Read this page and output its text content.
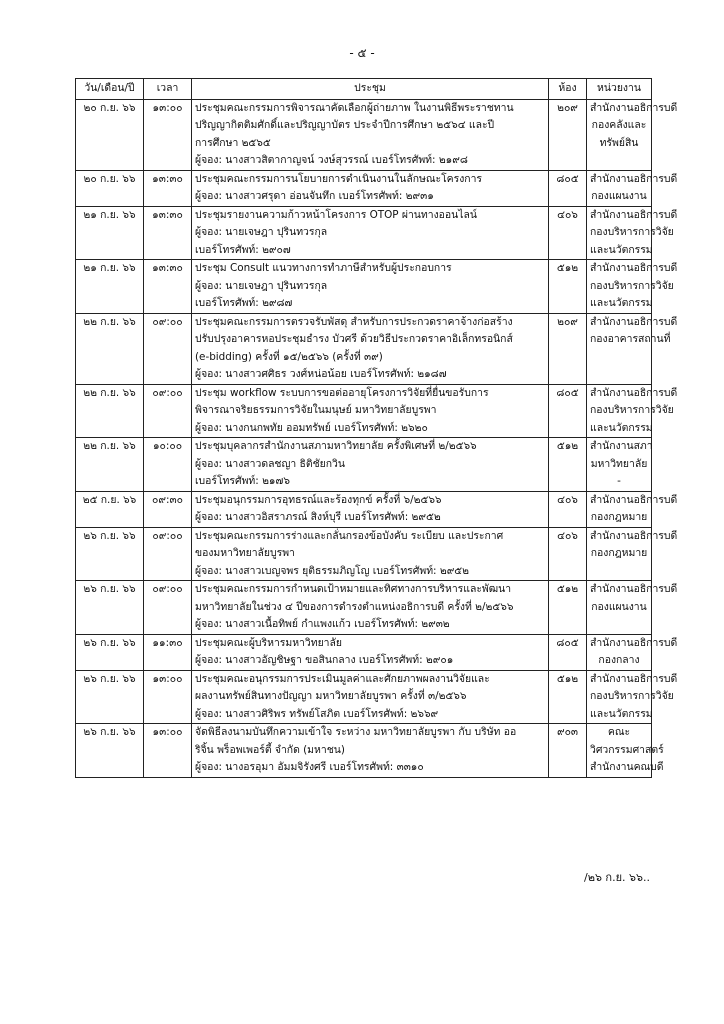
- ๕ -
วัน/เดือน/ปี	เวลา	ประชุม	ห้อง	หน่วยงาน
๒๐ ก.ย. ๖๖	๑๓:๐๐	ประชุมคณะกรรมการพิจารณาคัดเลือกผู้ถ่ายภาพ ในงานพิธีพระราชทาน
ปริญญากิตติมศักดิ์และปริญญาบัตร ประจำปีการศึกษา ๒๕๖๔ และปี
การศึกษา ๒๕๖๕
ผู้จอง: นางสาวสิตากาญจน์ วงษ์สุวรรณ์ เบอร์โทรศัพท์: ๒๑๙๘	๒๐๙	สำนักงานอธิการบดี
กองคลังและ
ทรัพย์สิน

๒๐ ก.ย. ๖๖	๑๓:๓๐	ประชุมคณะกรรมการนโยบายการดำเนินงานในลักษณะโครงการ
ผู้จอง: นางสาวศรุดา อ่อนจันทึก เบอร์โทรศัพท์: ๒๙๓๑	๘๐๕	สำนักงานอธิการบดี
กองแผนงาน

๒๑ ก.ย. ๖๖	๑๓:๓๐	ประชุมรายงานความก้าวหน้าโครงการ OTOP ผ่านทางออนไลน์
ผู้จอง: นายเจษฎา ปุรินทวรกุล
เบอร์โทรศัพท์: ๒๙๐๗	๔๐๖	สำนักงานอธิการบดี
กองบริหารการวิจัย
และนวัตกรรม

๒๑ ก.ย. ๖๖	๑๓:๓๐	ประชุม Consult แนวทางการทำภาษีสำหรับผู้ประกอบการ
ผู้จอง: นายเจษฎา ปุรินทวรกุล
เบอร์โทรศัพท์: ๒๙๘๗	๕๑๒	สำนักงานอธิการบดี
กองบริหารการวิจัย
และนวัตกรรม

๒๒ ก.ย. ๖๖	๐๙:๐๐	ประชุมคณะกรรมการตรวจรับพัสดุ สำหรับการประกวดราคาจ้างก่อสร้าง
ปรับปรุงอาคารหอประชุมธำรง บัวศรี ด้วยวิธีประกวดราคาอิเล็กทรอนิกส์
(e-bidding) ครั้งที่ ๑๕/๒๕๖๖ (ครั้งที่ ๓๙)
ผู้จอง: นางสาวศศิธร วงศ์หน่อน้อย เบอร์โทรศัพท์: ๒๑๘๗	๒๐๙	สำนักงานอธิการบดี
กองอาคารสถานที่

๒๒ ก.ย. ๖๖	๐๙:๐๐	ประชุม workflow ระบบการขอต่ออายุโครงการวิจัยที่ยื่นขอรับการ
พิจารณาจริยธรรมการวิจัยในมนุษย์ มหาวิทยาลัยบูรพา
ผู้จอง: นางกนกพทัย ออมทรัพย์ เบอร์โทรศัพท์: ๒๖๒๐	๘๐๕	สำนักงานอธิการบดี
กองบริหารการวิจัย
และนวัตกรรม

๒๒ ก.ย. ๖๖	๑๐:๐๐	ประชุมบุคลากรสำนักงานสภามหาวิทยาลัย ครั้งพิเศษที่ ๒/๒๕๖๖
ผู้จอง: นางสาวดลชญา ธิติชัยกวิน
เบอร์โทรศัพท์: ๒๑๗๖	๕๑๒	สำนักงานสภา
มหาวิทยาลัย
-

๒๕ ก.ย. ๖๖	๐๙:๓๐	ประชุมอนุกรรมการอุทธรณ์และร้องทุกข์ ครั้งที่ ๖/๒๕๖๖
ผู้จอง: นางสาวอิสราภรณ์ สิงห์บุรี เบอร์โทรศัพท์: ๒๙๕๒	๔๐๖	สำนักงานอธิการบดี
กองกฎหมาย

๒๖ ก.ย. ๖๖	๐๙:๐๐	ประชุมคณะกรรมการร่างและกลั่นกรองข้อบังคับ ระเบียบ และประกาศ
ของมหาวิทยาลัยบูรพา
ผู้จอง: นางสาวเบญจพร ยุติธรรมภิญโญ เบอร์โทรศัพท์: ๒๙๕๒	๔๐๖	สำนักงานอธิการบดี
กองกฎหมาย

๒๖ ก.ย. ๖๖	๐๙:๐๐	ประชุมคณะกรรมการกำหนดเป้าหมายและทิศทางการบริหารและพัฒนา
มหาวิทยาลัยในช่วง ๔ ปีของการดำรงตำแหน่งอธิการบดี ครั้งที่ ๒/๒๕๖๖
ผู้จอง: นางสาวเนื้อทิพย์ กำแพงแก้ว เบอร์โทรศัพท์: ๒๙๓๒	๕๑๒	สำนักงานอธิการบดี
กองแผนงาน

๒๖ ก.ย. ๖๖	๑๑:๓๐	ประชุมคณะผู้บริหารมหาวิทยาลัย
ผู้จอง: นางสาวอัญชิษฐา ขอสินกลาง เบอร์โทรศัพท์: ๒๙๐๑	๘๐๕	สำนักงานอธิการบดี
กองกลาง

๒๖ ก.ย. ๖๖	๑๓:๐๐	ประชุมคณะอนุกรรมการประเมินมูลค่าและศักยภาพผลงานวิจัยและ
ผลงานทรัพย์สินทางปัญญา มหาวิทยาลัยบูรพา ครั้งที่ ๓/๒๕๖๖
ผู้จอง: นางสาวศิริพร ทรัพย์โสภิต เบอร์โทรศัพท์: ๒๖๖๙	๕๑๒	สำนักงานอธิการบดี
กองบริหารการวิจัย
และนวัตกรรม

๒๖ ก.ย. ๖๖	๑๓:๐๐	จัดพิธีลงนามบันทึกความเข้าใจ ระหว่าง มหาวิทยาลัยบูรพา กับ บริษัท ออ
ริจิ้น พร็อพเพอร์ตี้ จำกัด (มหาชน)
ผู้จอง: นางอรอุมา อัมมจิรังศรี เบอร์โทรศัพท์: ๓๓๑๐	๙๐๓	คณะ
วิศวกรรมศาสตร์
สำนักงานคณบดี
/๒๖ ก.ย. ๖๖..
